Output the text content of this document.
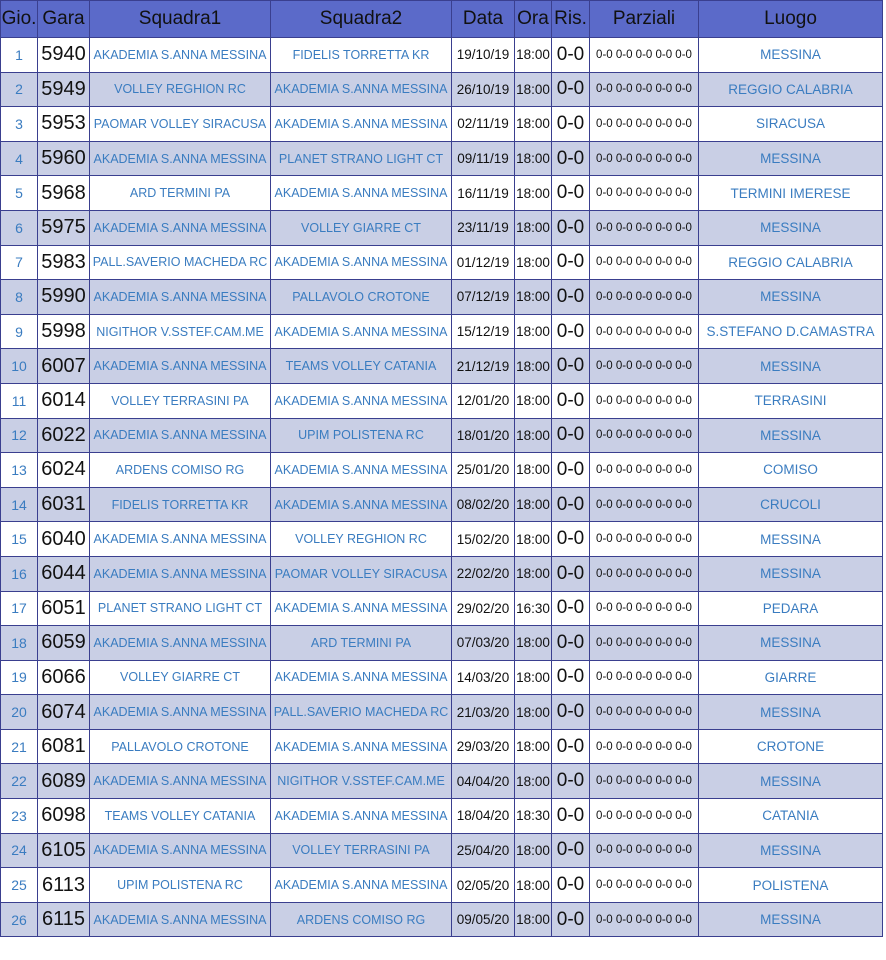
Gio.	Gara	Squadra1	Squadra2	Data	Ora	Ris.	Parziali	Luogo
1	5940	AKADEMIA S.ANNA MESSINA	FIDELIS TORRETTA KR	19/10/19	18:00	0-0	0-0 0-0 0-0 0-0 0-0	MESSINA
2	5949	VOLLEY REGHION RC	AKADEMIA S.ANNA MESSINA	26/10/19	18:00	0-0	0-0 0-0 0-0 0-0 0-0	REGGIO CALABRIA
3	5953	PAOMAR VOLLEY SIRACUSA	AKADEMIA S.ANNA MESSINA	02/11/19	18:00	0-0	0-0 0-0 0-0 0-0 0-0	SIRACUSA
4	5960	AKADEMIA S.ANNA MESSINA	PLANET STRANO LIGHT CT	09/11/19	18:00	0-0	0-0 0-0 0-0 0-0 0-0	MESSINA
5	5968	ARD TERMINI PA	AKADEMIA S.ANNA MESSINA	16/11/19	18:00	0-0	0-0 0-0 0-0 0-0 0-0	TERMINI IMERESE
6	5975	AKADEMIA S.ANNA MESSINA	VOLLEY GIARRE CT	23/11/19	18:00	0-0	0-0 0-0 0-0 0-0 0-0	MESSINA
7	5983	PALL.SAVERIO MACHEDA RC	AKADEMIA S.ANNA MESSINA	01/12/19	18:00	0-0	0-0 0-0 0-0 0-0 0-0	REGGIO CALABRIA
8	5990	AKADEMIA S.ANNA MESSINA	PALLAVOLO CROTONE	07/12/19	18:00	0-0	0-0 0-0 0-0 0-0 0-0	MESSINA
9	5998	NIGITHOR V.SSTEF.CAM.ME	AKADEMIA S.ANNA MESSINA	15/12/19	18:00	0-0	0-0 0-0 0-0 0-0 0-0	S.STEFANO D.CAMASTRA
10	6007	AKADEMIA S.ANNA MESSINA	TEAMS VOLLEY CATANIA	21/12/19	18:00	0-0	0-0 0-0 0-0 0-0 0-0	MESSINA
11	6014	VOLLEY TERRASINI PA	AKADEMIA S.ANNA MESSINA	12/01/20	18:00	0-0	0-0 0-0 0-0 0-0 0-0	TERRASINI
12	6022	AKADEMIA S.ANNA MESSINA	UPIM POLISTENA RC	18/01/20	18:00	0-0	0-0 0-0 0-0 0-0 0-0	MESSINA
13	6024	ARDENS COMISO RG	AKADEMIA S.ANNA MESSINA	25/01/20	18:00	0-0	0-0 0-0 0-0 0-0 0-0	COMISO
14	6031	FIDELIS TORRETTA KR	AKADEMIA S.ANNA MESSINA	08/02/20	18:00	0-0	0-0 0-0 0-0 0-0 0-0	CRUCOLI
15	6040	AKADEMIA S.ANNA MESSINA	VOLLEY REGHION RC	15/02/20	18:00	0-0	0-0 0-0 0-0 0-0 0-0	MESSINA
16	6044	AKADEMIA S.ANNA MESSINA	PAOMAR VOLLEY SIRACUSA	22/02/20	18:00	0-0	0-0 0-0 0-0 0-0 0-0	MESSINA
17	6051	PLANET STRANO LIGHT CT	AKADEMIA S.ANNA MESSINA	29/02/20	16:30	0-0	0-0 0-0 0-0 0-0 0-0	PEDARA
18	6059	AKADEMIA S.ANNA MESSINA	ARD TERMINI PA	07/03/20	18:00	0-0	0-0 0-0 0-0 0-0 0-0	MESSINA
19	6066	VOLLEY GIARRE CT	AKADEMIA S.ANNA MESSINA	14/03/20	18:00	0-0	0-0 0-0 0-0 0-0 0-0	GIARRE
20	6074	AKADEMIA S.ANNA MESSINA	PALL.SAVERIO MACHEDA RC	21/03/20	18:00	0-0	0-0 0-0 0-0 0-0 0-0	MESSINA
21	6081	PALLAVOLO CROTONE	AKADEMIA S.ANNA MESSINA	29/03/20	18:00	0-0	0-0 0-0 0-0 0-0 0-0	CROTONE
22	6089	AKADEMIA S.ANNA MESSINA	NIGITHOR V.SSTEF.CAM.ME	04/04/20	18:00	0-0	0-0 0-0 0-0 0-0 0-0	MESSINA
23	6098	TEAMS VOLLEY CATANIA	AKADEMIA S.ANNA MESSINA	18/04/20	18:30	0-0	0-0 0-0 0-0 0-0 0-0	CATANIA
24	6105	AKADEMIA S.ANNA MESSINA	VOLLEY TERRASINI PA	25/04/20	18:00	0-0	0-0 0-0 0-0 0-0 0-0	MESSINA
25	6113	UPIM POLISTENA RC	AKADEMIA S.ANNA MESSINA	02/05/20	18:00	0-0	0-0 0-0 0-0 0-0 0-0	POLISTENA
26	6115	AKADEMIA S.ANNA MESSINA	ARDENS COMISO RG	09/05/20	18:00	0-0	0-0 0-0 0-0 0-0 0-0	MESSINA
